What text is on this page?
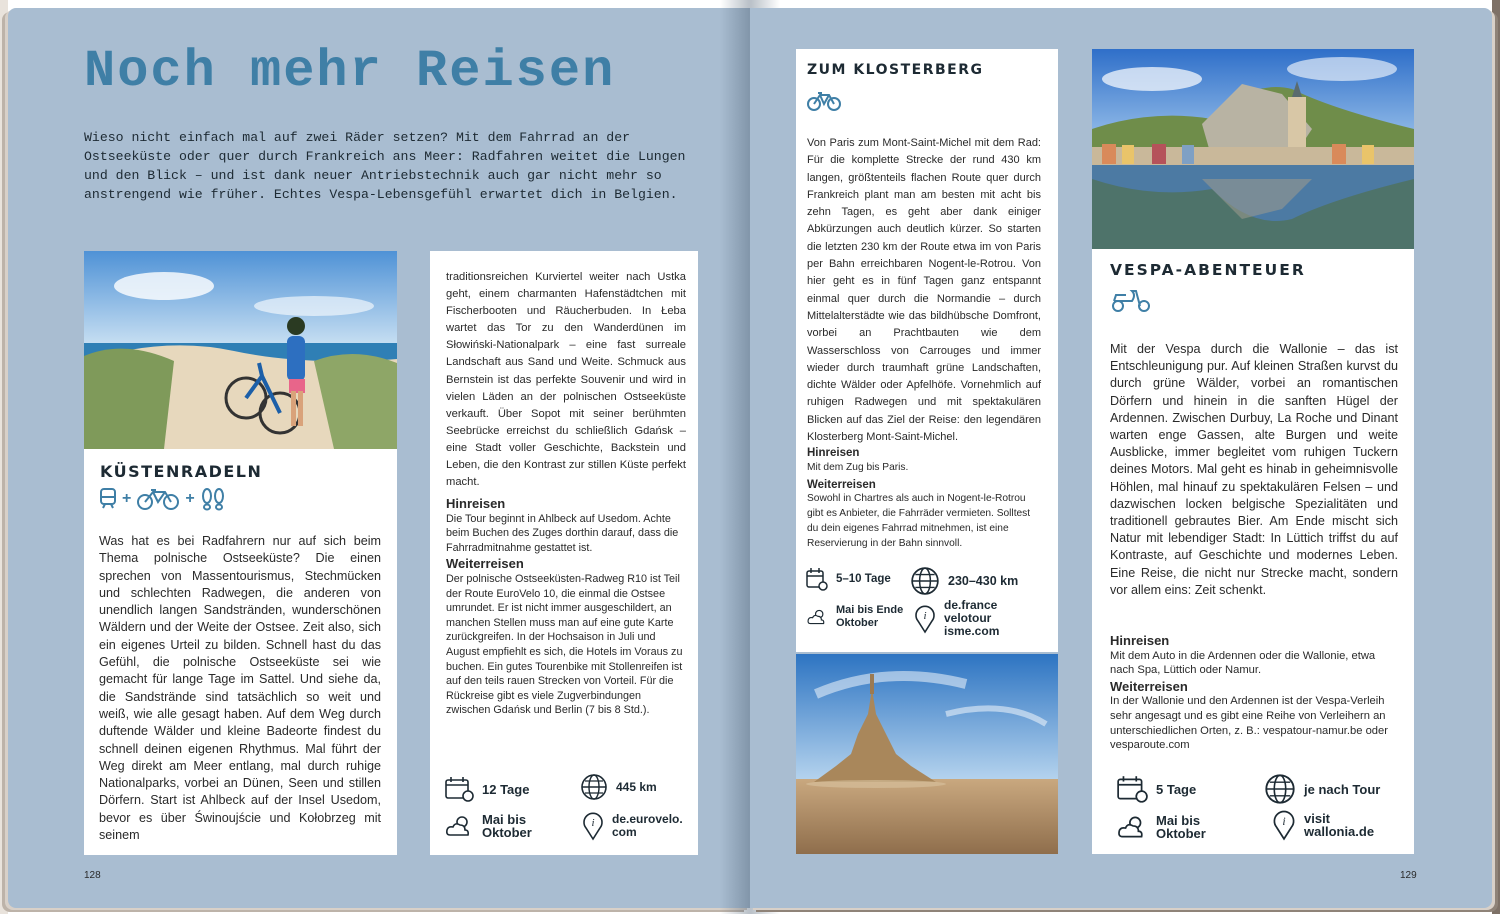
Noch mehr Reisen

Wieso nicht einfach mal auf zwei Räder setzen? Mit dem Fahrrad an der Ostseeküste oder quer durch Frankreich ans Meer: Radfahren weitet die Lungen und den Blick – und ist dank neuer Antriebstechnik auch gar nicht mehr so anstrengend wie früher. Echtes Vespa-Lebensgefühl erwartet dich in Belgien.

KÜSTENRADELN
+	+

Was hat es bei Radfahrern nur auf sich beim Thema polnische Ostseeküste? Die einen sprechen von Massentourismus, Stechmücken und schlechten Radwegen, die anderen von unendlich langen Sandstränden, wunderschönen Wäldern und der Weite der Ostsee. Zeit also, sich ein eigenes Urteil zu bilden. Schnell hast du das Gefühl, die polnische Ostseeküste sei wie gemacht für lange Tage im Sattel. Und siehe da, die Sandstrände sind tatsächlich so weit und weiß, wie alle gesagt haben. Auf dem Weg durch duftende Wälder und kleine Badeorte findest du schnell deinen eigenen Rhythmus. Mal führt der Weg direkt am Meer entlang, mal durch ruhige Nationalparks, vorbei an Dünen, Seen und stillen Dörfern. Start ist Ahlbeck auf der Insel Usedom, bevor es über Świnoujście und Kołobrzeg mit seinem

traditionsreichen Kurviertel weiter nach Ustka geht, einem charmanten Hafenstädtchen mit Fischerbooten und Räucherbuden. In Łeba wartet das Tor zu den Wanderdünen im Słowiński-Nationalpark – eine fast surreale Landschaft aus Sand und Weite. Schmuck aus Bernstein ist das perfekte Souvenir und wird in vielen Läden an der polnischen Ostseeküste verkauft. Über Sopot mit seiner berühmten Seebrücke erreichst du schließlich Gdańsk – eine Stadt voller Geschichte, Backstein und Leben, die den Kontrast zur stillen Küste perfekt macht.

Hinreisen
Die Tour beginnt in Ahlbeck auf Usedom. Achte beim Buchen des Zuges dorthin darauf, dass die Fahrradmitnahme gestattet ist.
Weiterreisen
Der polnische Ostseeküsten-Radweg R10 ist Teil der Route EuroVelo 10, die einmal die Ostsee umrundet. Er ist nicht immer ausgeschildert, an manchen Stellen muss man auf eine gute Karte zurückgreifen. In der Hochsaison in Juli und August empfiehlt es sich, die Hotels im Voraus zu buchen. Ein gutes Tourenbike mit Stollenreifen ist auf den teils rauen Strecken von Vorteil. Für die Rückreise gibt es viele Zugverbindungen zwischen Gdańsk und Berlin (7 bis 8 Std.).
12 Tage	445 km
Mai bis Oktober
i de.eurovelo. com
128
ZUM KLOSTERBERG

Von Paris zum Mont-Saint-Michel mit dem Rad: Für die komplette Strecke der rund 430 km langen, größtenteils flachen Route quer durch Frankreich plant man am besten mit acht bis zehn Tagen, es geht aber dank einiger Abkürzungen auch deutlich kürzer. So starten die letzten 230 km der Route etwa im von Paris per Bahn erreichbaren Nogent-le-Rotrou. Von hier geht es in fünf Tagen ganz entspannt einmal quer durch die Normandie – durch Mittelalterstädte wie das bildhübsche Domfront, vorbei an Prachtbauten wie dem Wasserschloss von Carrouges und immer wieder durch traumhaft grüne Landschaften, dichte Wälder oder Apfelhöfe. Vornehmlich auf ruhigen Radwegen und mit spektakulären Blicken auf das Ziel der Reise: den legendären Klosterberg Mont-Saint-Michel.

Hinreisen
Mit dem Zug bis Paris.
Weiterreisen
Sowohl in Chartres als auch in Nogent-le-Rotrou gibt es Anbieter, die Fahrräder vermieten. Solltest du dein eigenes Fahrrad mitnehmen, ist eine Reservierung in der Bahn sinnvoll.
5–10 Tage	230–430 km
Mai bis Ende Oktober
i
de.france velotour isme.com
VESPA-ABENTEUER

Mit der Vespa durch die Wallonie – das ist Entschleunigung pur. Auf kleinen Straßen kurvst du durch grüne Wälder, vorbei an romantischen Dörfern und hinein in die sanften Hügel der Ardennen. Zwischen Durbuy, La Roche und Dinant warten enge Gassen, alte Burgen und weite Ausblicke, immer begleitet vom ruhigen Tuckern deines Motors. Mal geht es hinab in geheimnisvolle Höhlen, mal hinauf zu spektakulären Felsen – und dazwischen locken belgische Spezialitäten und traditionell gebrautes Bier. Am Ende mischt sich Natur mit lebendiger Stadt: In Lüttich triffst du auf Kontraste, auf Geschichte und modernes Leben. Eine Reise, die nicht nur Strecke macht, sondern vor allem eins: Zeit schenkt.

Hinreisen
Mit dem Auto in die Ardennen oder die Wallonie, etwa nach Spa, Lüttich oder Namur.
Weiterreisen
In der Wallonie und den Ardennen ist der Vespa-Verleih sehr angesagt und es gibt eine Reihe von Verleihern an unterschiedlichen Orten, z. B.: vespatour-namur.be oder vesparoute.com
5 Tage	je nach Tour
Mai bis Oktober
i visit wallonia.de
129
